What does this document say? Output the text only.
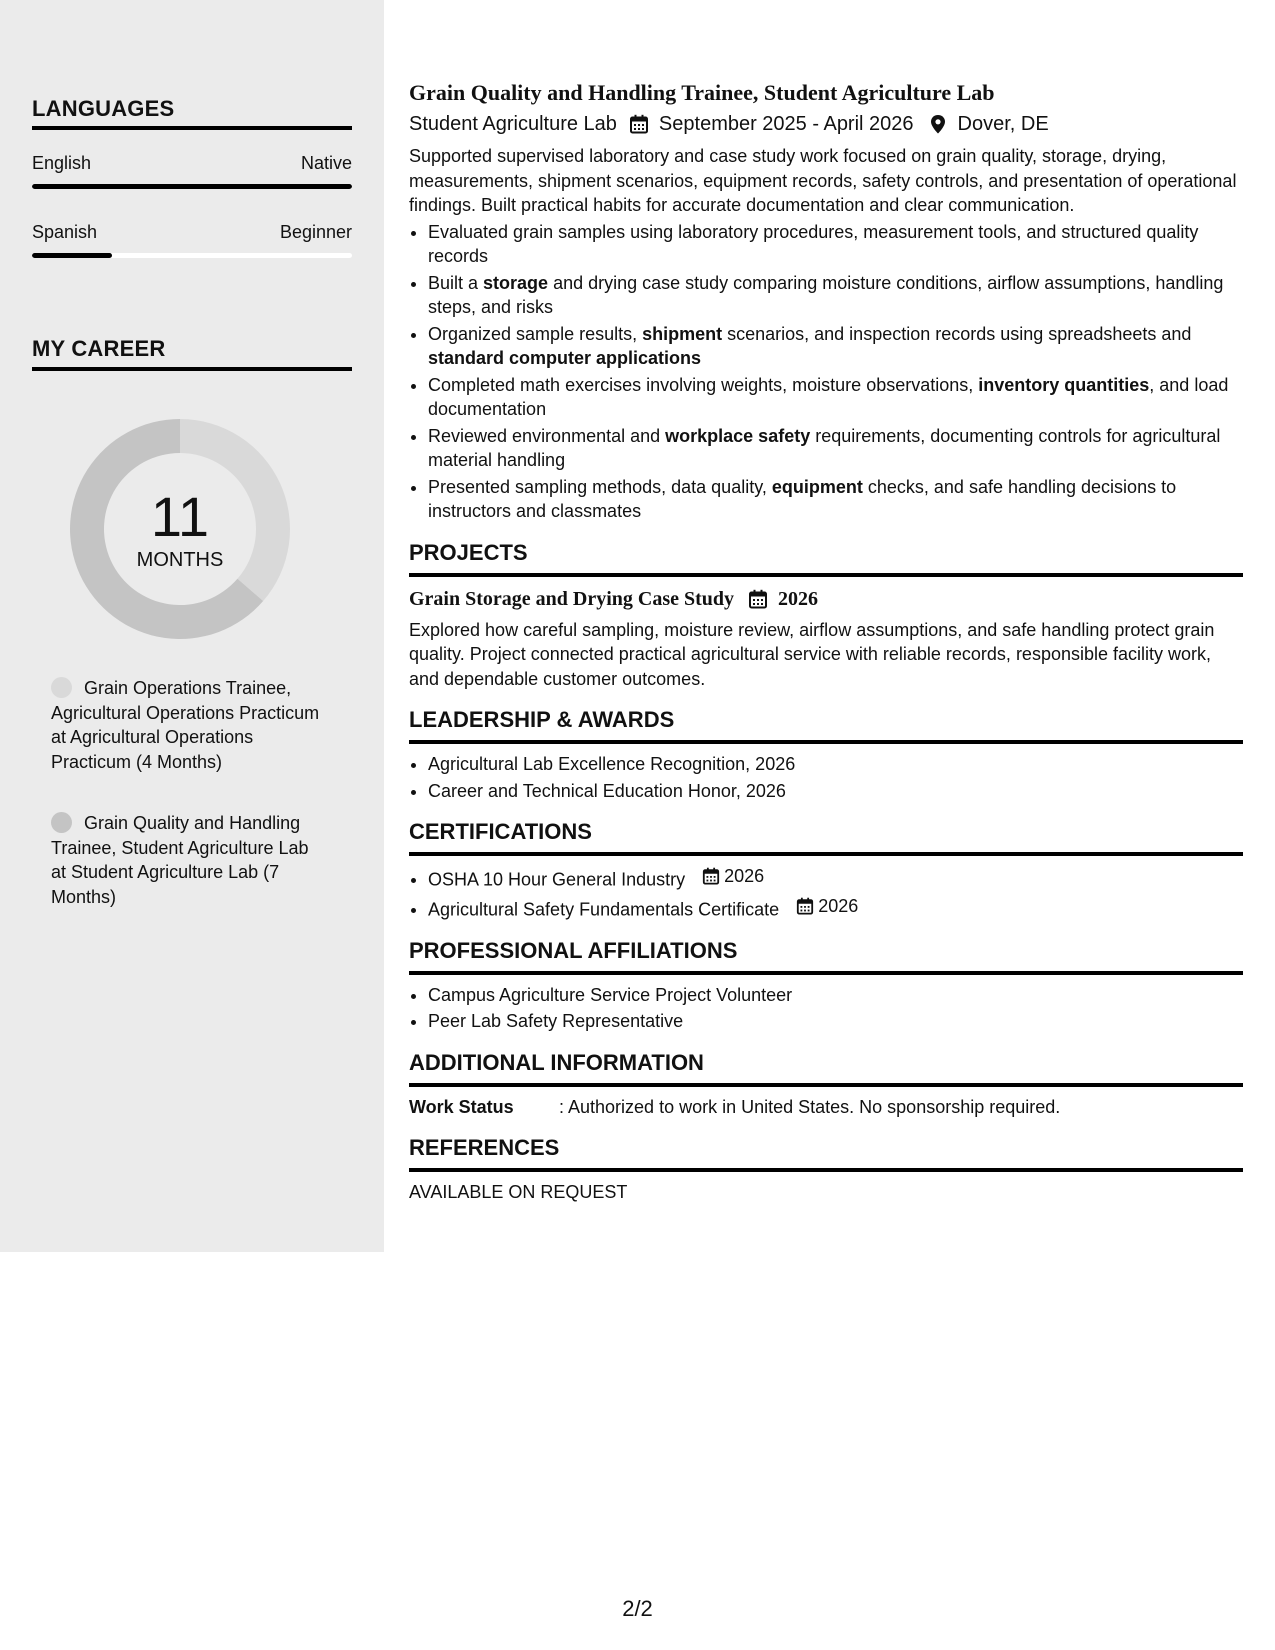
LANGUAGES
English	Native
Spanish	Beginner
MY CAREER
11
MONTHS
Grain Operations Trainee, Agricultural Operations Practicum at Agricultural Operations Practicum (4 Months)
Grain Quality and Handling Trainee, Student Agriculture Lab at Student Agriculture Lab (7 Months)
Grain Quality and Handling Trainee, Student Agriculture Lab
Student Agriculture Lab September 2025 - April 2026 Dover, DE
Supported supervised laboratory and case study work focused on grain quality, storage, drying, measurements, shipment scenarios, equipment records, safety controls, and presentation of operational findings. Built practical habits for accurate documentation and clear communication.
• Evaluated grain samples using laboratory procedures, measurement tools, and structured quality records
• Built a storage and drying case study comparing moisture conditions, airflow assumptions, handling steps, and risks
• Organized sample results, shipment scenarios, and inspection records using spreadsheets and standard computer applications
• Completed math exercises involving weights, moisture observations, inventory quantities, and load documentation
• Reviewed environmental and workplace safety requirements, documenting controls for agricultural material handling
• Presented sampling methods, data quality, equipment checks, and safe handling decisions to instructors and classmates
PROJECTS
Grain Storage and Drying Case Study 2026
Explored how careful sampling, moisture review, airflow assumptions, and safe handling protect grain quality. Project connected practical agricultural service with reliable records, responsible facility work, and dependable customer outcomes.
LEADERSHIP & AWARDS
• Agricultural Lab Excellence Recognition, 2026
• Career and Technical Education Honor, 2026
CERTIFICATIONS
• OSHA 10 Hour General Industry 2026
• Agricultural Safety Fundamentals Certificate 2026
PROFESSIONAL AFFILIATIONS
• Campus Agriculture Service Project Volunteer
• Peer Lab Safety Representative
ADDITIONAL INFORMATION
Work Status	: Authorized to work in United States. No sponsorship required.
REFERENCES
AVAILABLE ON REQUEST
2/2
